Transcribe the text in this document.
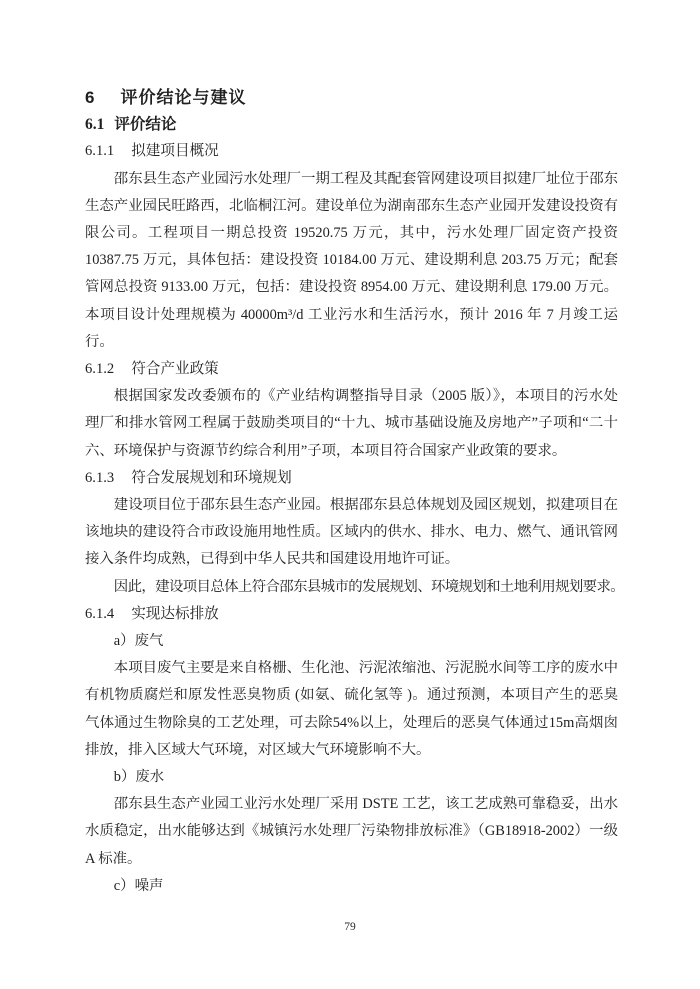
6 评价结论与建议
6.1 评价结论
6.1.1 拟建项目概况

邵东县生态产业园污水处理厂一期工程及其配套管网建设项目拟建厂址位于邵东生态产业园民旺路西，北临桐江河。建设单位为湖南邵东生态产业园开发建设投资有限公司。工程项目一期总投资 19520.75 万元，其中，污水处理厂固定资产投资 10387.75 万元，具体包括：建设投资 10184.00 万元、建设期利息 203.75 万元；配套管网总投资 9133.00 万元，包括：建设投资 8954.00 万元、建设期利息 179.00 万元。本项目设计处理规模为 40000m³/d 工业污水和生活污水，预计 2016 年 7 月竣工运行。

6.1.2 符合产业政策

根据国家发改委颁布的《产业结构调整指导目录（2005 版）》，本项目的污水处理厂和排水管网工程属于鼓励类项目的“十九、城市基础设施及房地产”子项和“二十六、环境保护与资源节约综合利用”子项，本项目符合国家产业政策的要求。

6.1.3 符合发展规划和环境规划

建设项目位于邵东县生态产业园。根据邵东县总体规划及园区规划，拟建项目在该地块的建设符合市政设施用地性质。区域内的供水、排水、电力、燃气、通讯管网接入条件均成熟，已得到中华人民共和国建设用地许可证。

因此，建设项目总体上符合邵东县城市的发展规划、环境规划和土地利用规划要求。

6.1.4 实现达标排放

a）废气

本项目废气主要是来自格栅、生化池、污泥浓缩池、污泥脱水间等工序的废水中有机物质腐烂和原发性恶臭物质 (如氨、硫化氢等 )。通过预测，本项目产生的恶臭气体通过生物除臭的工艺处理，可去除54%以上，处理后的恶臭气体通过15m高烟囱排放，排入区域大气环境，对区域大气环境影响不大。

b）废水

邵东县生态产业园工业污水处理厂采用 DSTE 工艺，该工艺成熟可靠稳妥，出水水质稳定，出水能够达到《城镇污水处理厂污染物排放标准》（GB18918-2002）一级 A 标准。

c）噪声

79
